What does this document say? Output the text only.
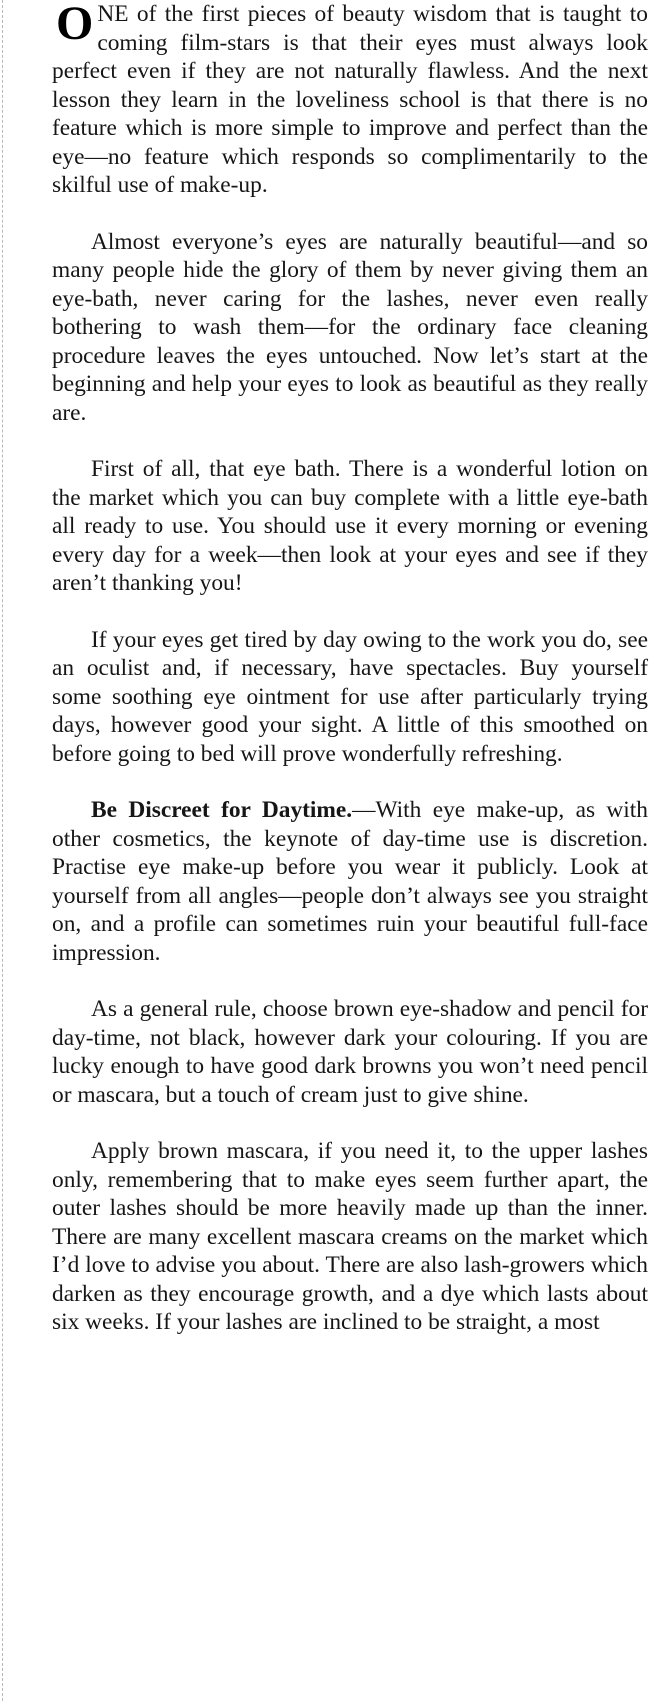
ONE of the first pieces of beauty wisdom that is taught to coming film-stars is that their eyes must always look perfect even if they are not naturally flawless. And the next lesson they learn in the loveliness school is that there is no feature which is more simple to improve and perfect than the eye—no feature which responds so complimentarily to the skilful use of make-up.

Almost everyone’s eyes are naturally beautiful—and so many people hide the glory of them by never giving them an eye-bath, never caring for the lashes, never even really bothering to wash them—for the ordinary face cleaning procedure leaves the eyes untouched. Now let’s start at the beginning and help your eyes to look as beautiful as they really are.

First of all, that eye bath. There is a wonderful lotion on the market which you can buy complete with a little eye-bath all ready to use. You should use it every morning or evening every day for a week—then look at your eyes and see if they aren’t thanking you!

If your eyes get tired by day owing to the work you do, see an oculist and, if necessary, have spectacles. Buy yourself some soothing eye ointment for use after particularly trying days, however good your sight. A little of this smoothed on before going to bed will prove wonderfully refreshing.

Be Discreet for Daytime.—With eye make-up, as with other cosmetics, the keynote of day-time use is discretion. Practise eye make-up before you wear it publicly. Look at yourself from all angles—people don’t always see you straight on, and a profile can sometimes ruin your beautiful full-face impression.

As a general rule, choose brown eye-shadow and pencil for day-time, not black, however dark your colouring. If you are lucky enough to have good dark browns you won’t need pencil or mascara, but a touch of cream just to give shine.

Apply brown mascara, if you need it, to the upper lashes only, remembering that to make eyes seem further apart, the outer lashes should be more heavily made up than the inner. There are many excellent mascara creams on the market which I’d love to advise you about. There are also lash-growers which darken as they encourage growth, and a dye which lasts about six weeks. If your lashes are inclined to be straight, a most
